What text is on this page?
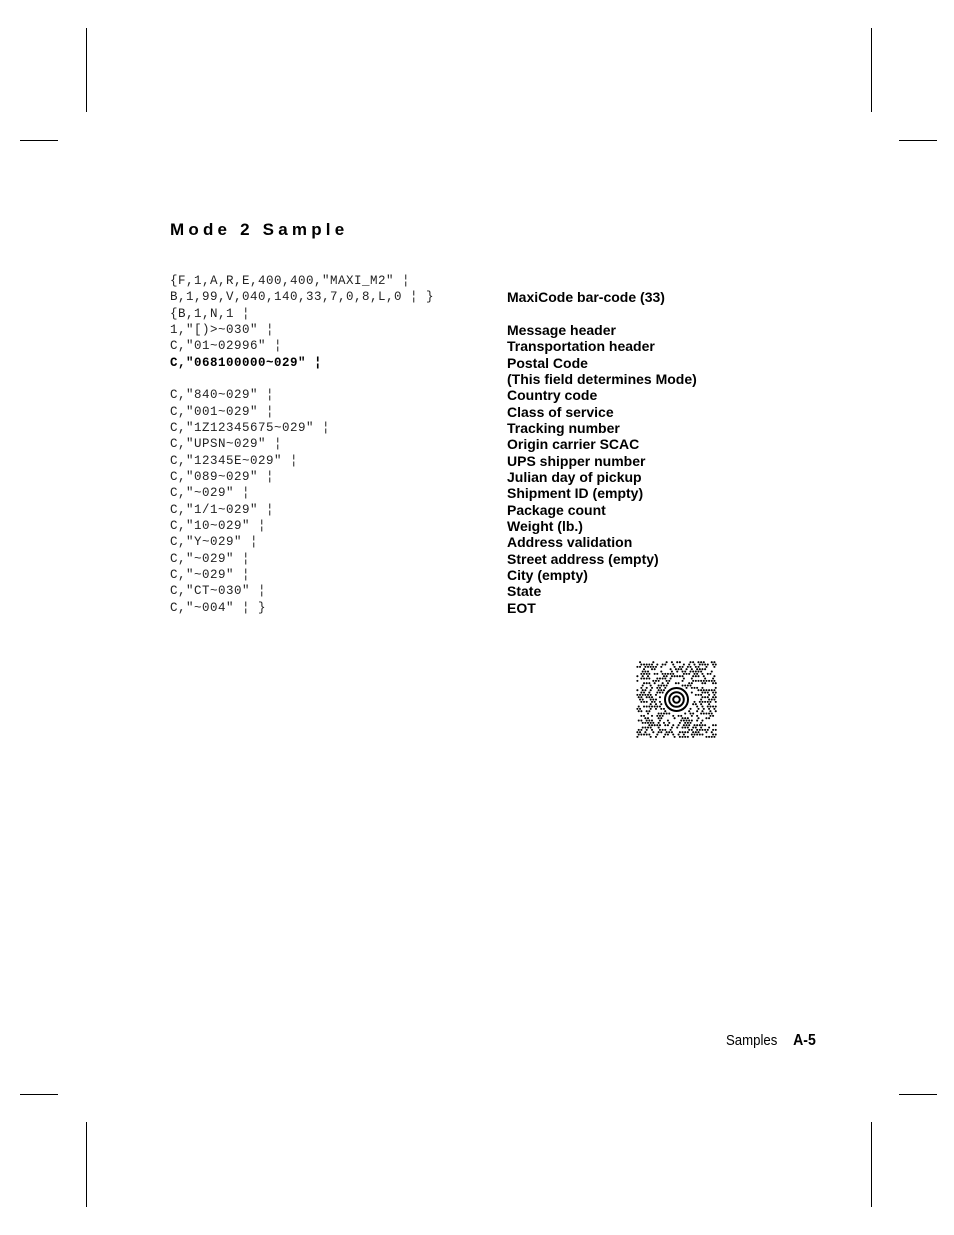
Mode 2 Sample
{F,1,A,R,E,400,400,"MAXI_M2" ¦
B,1,99,V,040,140,33,7,0,8,L,0 ¦ }
{B,1,N,1 ¦
1,"[)>~030" ¦
C,"01~02996" ¦
C,"068100000~029" ¦
C,"840~029" ¦
C,"001~029" ¦
C,"1Z12345675~029" ¦
C,"UPSN~029" ¦
C,"12345E~029" ¦
C,"089~029" ¦
C,"~029" ¦
C,"1/1~029" ¦
C,"10~029" ¦
C,"Y~029" ¦
C,"~029" ¦
C,"~029" ¦
C,"CT~030" ¦
C,"~004" ¦ }
MaxiCode bar-code (33)
Message header
Transportation header
Postal Code
(This field determines Mode)
Country code
Class of service
Tracking number
Origin carrier SCAC
UPS shipper number
Julian day of pickup
Shipment ID (empty)
Package count
Weight (lb.)
Address validation
Street address (empty)
City (empty)
State
EOT
Samples A-5
